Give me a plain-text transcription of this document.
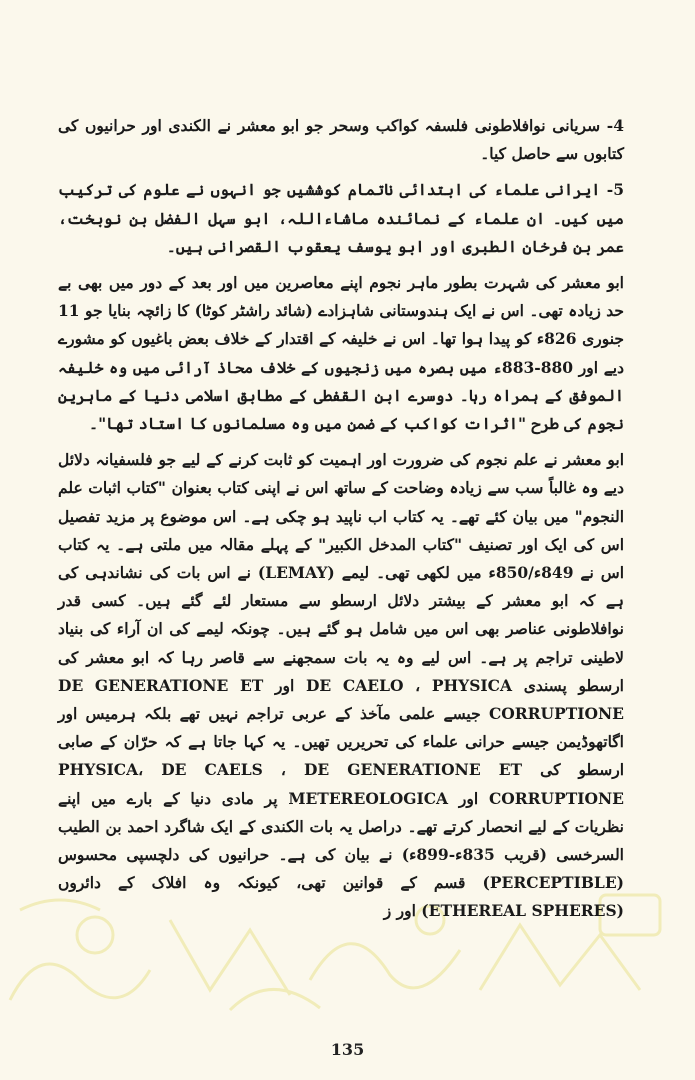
4- سریانی نوافلاطونی فلسفہ کواکب وسحر جو ابو معشر نے الکندی اور حرانیوں کی کتابوں سے حاصل کیا۔

5- ایرانی علماء کی ابتدائی ناتمام کوششیں جو انہوں نے علوم کی ترکیب میں کیں۔ ان علماء کے نمائندہ ماشاءاللہ، ابو سہل الفضل بن نوبخت، عمر بن فرخان الطبری اور ابو یوسف یعقوب القصرانی ہیں۔

ابو معشر کی شہرت بطور ماہر نجوم اپنے معاصرین میں اور بعد کے دور میں بھی بے حد زیادہ تھی۔ اس نے ایک ہندوستانی شاہزادے (شائد راشٹر کوٹا) کا زائچہ بنایا جو 11 جنوری 826ء کو پیدا ہوا تھا۔ اس نے خلیفہ کے اقتدار کے خلاف بعض باغیوں کو مشورے دیے اور 880-883ء میں بصرہ میں زنجیوں کے خلاف محاذ آرائی میں وہ خلیفہ الموفق کے ہمراہ رہا۔ دوسرے ابن القفطی کے مطابق اسلامی دنیا کے ماہرین نجوم کی طرح "اثرات کواکب کے ضمن میں وہ مسلمانوں کا استاد تھا"۔

ابو معشر نے علم نجوم کی ضرورت اور اہمیت کو ثابت کرنے کے لیے جو فلسفیانہ دلائل دیے وہ غالباً سب سے زیادہ وضاحت کے ساتھ اس نے اپنی کتاب بعنوان "کتاب اثبات علم النجوم" میں بیان کئے تھے۔ یہ کتاب اب ناپید ہو چکی ہے۔ اس موضوع پر مزید تفصیل اس کی ایک اور تصنیف "کتاب المدخل الکبیر" کے پہلے مقالہ میں ملتی ہے۔ یہ کتاب اس نے 849ء/850ء میں لکھی تھی۔ لیمے (LEMAY) نے اس بات کی نشاندہی کی ہے کہ ابو معشر کے بیشتر دلائل ارسطو سے مستعار لئے گئے ہیں۔ کسی قدر نوافلاطونی عناصر بھی اس میں شامل ہو گئے ہیں۔ چونکہ لیمے کی ان آراء کی بنیاد لاطینی تراجم پر ہے۔ اس لیے وہ یہ بات سمجھنے سے قاصر رہا کہ ابو معشر کی ارسطو پسندی DE CAELO ، PHYSICA اور DE GENERATIONE ET CORRUPTIONE جیسے علمی مآخذ کے عربی تراجم نہیں تھے بلکہ ہرمیس اور اگاتھوڈیمن جیسے حرانی علماء کی تحریریں تھیں۔ یہ کہا جاتا ہے کہ حرّان کے صابی ارسطو کی PHYSICA، DE CAELS ، DE GENERATIONE ET CORRUPTIONE اور METEREOLOGICA پر مادی دنیا کے بارے میں اپنے نظریات کے لیے انحصار کرتے تھے۔ دراصل یہ بات الکندی کے ایک شاگرد احمد بن الطیب السرخسی (قریب 835ء-899ء) نے بیان کی ہے۔ حرانیوں کی دلچسپی محسوس (PERCEPTIBLE) قسم کے قوانین تھی، کیونکہ وہ افلاک کے دائروں (ETHEREAL SPHERES) اور ز

135
